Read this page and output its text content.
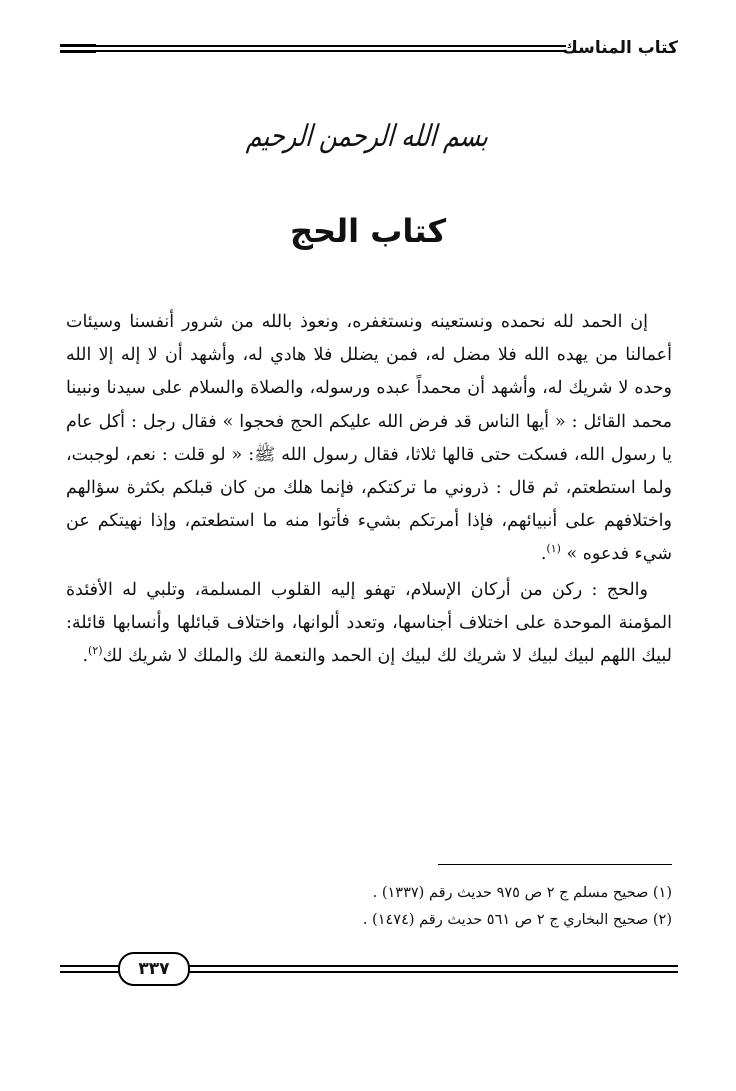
كتاب المناسك
بسم الله الرحمن الرحيم
كتاب الحج

إن الحمد لله نحمده ونستعينه ونستغفره، ونعوذ بالله من شرور أنفسنا وسيئات أعمالنا من يهده الله فلا مضل له، فمن يضلل فلا هادي له، وأشهد أن لا إله إلا الله وحده لا شريك له، وأشهد أن محمداً عبده ورسوله، والصلاة والسلام على سيدنا ونبينا محمد القائل : « أيها الناس قد فرض الله عليكم الحج فحجوا » فقال رجل : أكل عام يا رسول الله، فسكت حتى قالها ثلاثا، فقال رسول الله ﷺ: « لو قلت : نعم، لوجبت، ولما استطعتم، ثم قال : ذروني ما تركتكم، فإنما هلك من كان قبلكم بكثرة سؤالهم واختلافهم على أنبيائهم، فإذا أمرتكم بشيء فأتوا منه ما استطعتم، وإذا نهيتكم عن شيء فدعوه » $^{(١)}$.

والحج : ركن من أركان الإسلام، تهفو إليه القلوب المسلمة، وتلبي له الأفئدة المؤمنة الموحدة على اختلاف أجناسها، وتعدد ألوانها، واختلاف قبائلها وأنسابها قائلة: لبيك اللهم لبيك لبيك لا شريك لك لبيك إن الحمد والنعمة لك والملك لا شريك لك$^{(٢)}$.

(١) صحيح مسلم ج ٢ ص ٩٧٥ حديث رقم (١٣٣٧) .
(٢) صحيح البخاري ج ٢ ص ٥٦١ حديث رقم (١٤٧٤) .
٣٣٧
